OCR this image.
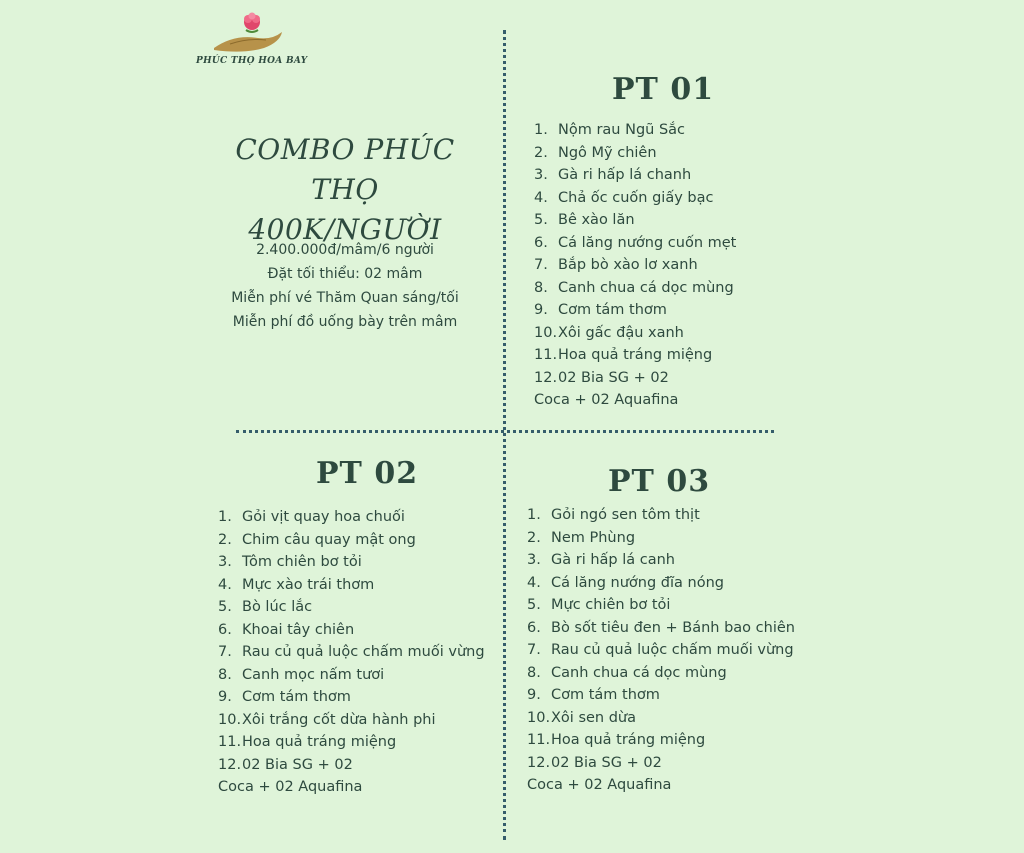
PHÚC THỌ HOA BAY
COMBO PHÚC THỌ
400K/NGƯỜI
2.400.000đ/mâm/6 người
Đặt tối thiểu: 02 mâm
Miễn phí vé Thăm Quan sáng/tối
Miễn phí đồ uống bày trên mâm
PT 01
1. Nộm rau Ngũ Sắc
2. Ngô Mỹ chiên
3. Gà ri hấp lá chanh
4. Chả ốc cuốn giấy bạc
5. Bê xào lăn
6. Cá lăng nướng cuốn mẹt
7. Bắp bò xào lơ xanh
8. Canh chua cá dọc mùng
9. Cơm tám thơm
10.Xôi gấc đậu xanh
11.Hoa quả tráng miệng
12.02 Bia SG + 02
Coca + 02 Aquafina
PT 02
1. Gỏi vịt quay hoa chuối
2. Chim câu quay mật ong
3. Tôm chiên bơ tỏi
4. Mực xào trái thơm
5. Bò lúc lắc
6. Khoai tây chiên
7. Rau củ quả luộc chấm muối vừng
8. Canh mọc nấm tươi
9. Cơm tám thơm
10.Xôi trắng cốt dừa hành phi
11.Hoa quả tráng miệng
12.02 Bia SG + 02
Coca + 02 Aquafina
PT 03
1. Gỏi ngó sen tôm thịt
2. Nem Phùng
3. Gà ri hấp lá canh
4. Cá lăng nướng đĩa nóng
5. Mực chiên bơ tỏi
6. Bò sốt tiêu đen + Bánh bao chiên
7. Rau củ quả luộc chấm muối vừng
8. Canh chua cá dọc mùng
9. Cơm tám thơm
10.Xôi sen dừa
11.Hoa quả tráng miệng
12.02 Bia SG + 02
Coca + 02 Aquafina
